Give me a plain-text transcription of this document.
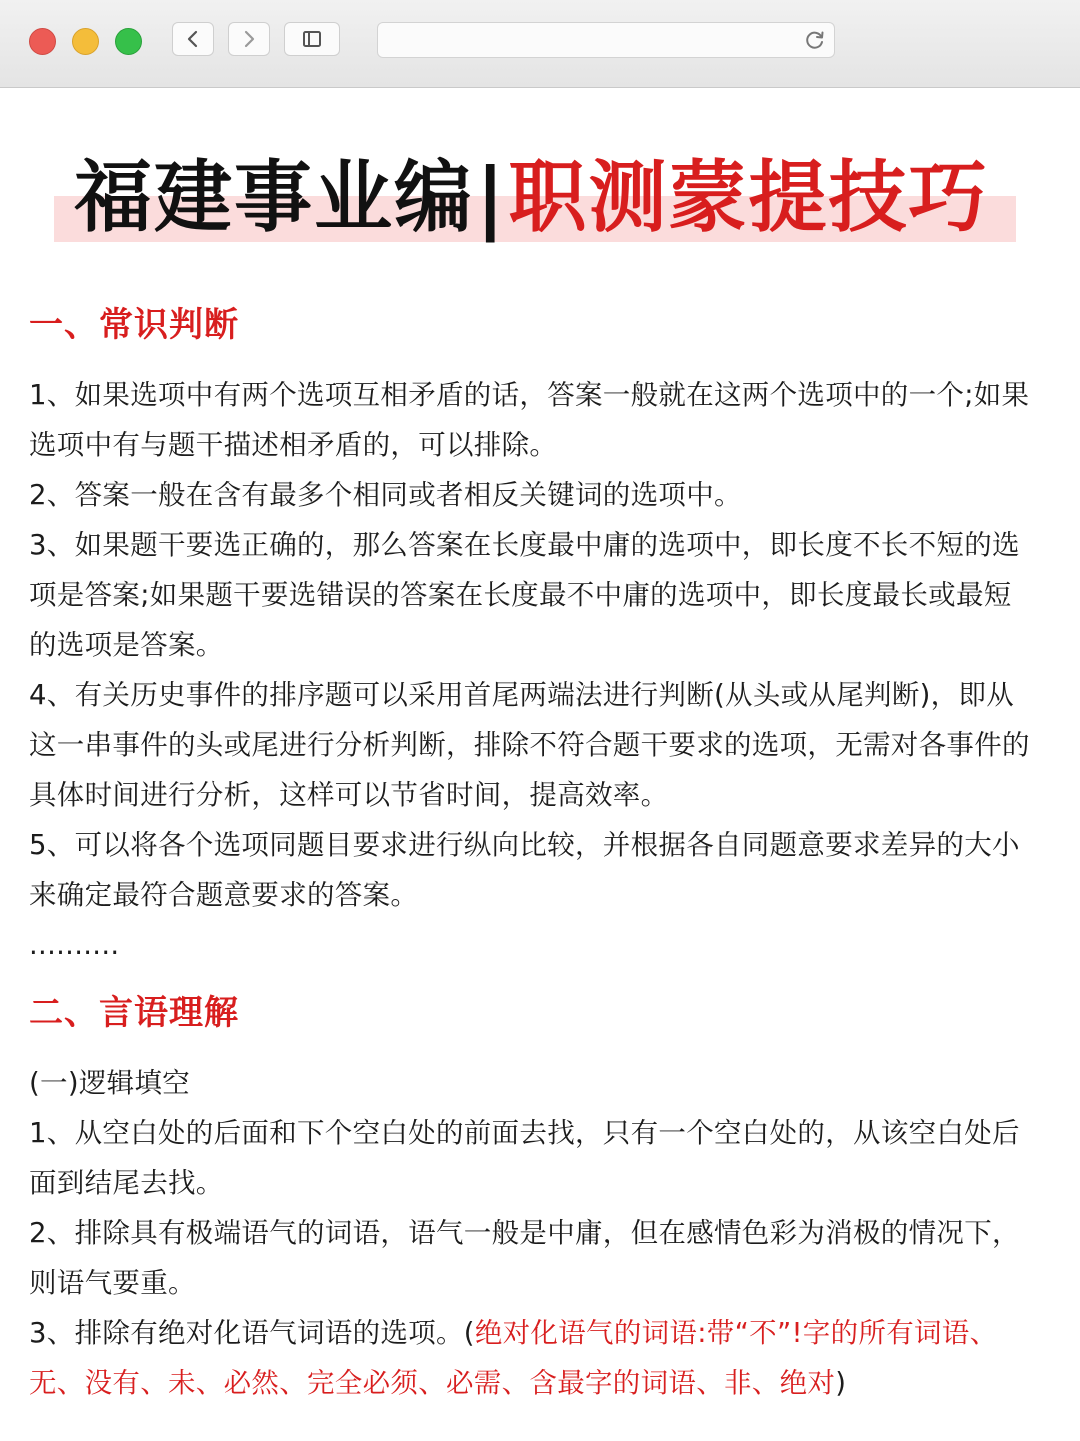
福建事业编|职测蒙提技巧
一、常识判断

1、如果选项中有两个选项互相矛盾的话，答案一般就在这两个选项中的一个;如果选项中有与题干描述相矛盾的，可以排除。

2、答案一般在含有最多个相同或者相反关键词的选项中。

3、如果题干要选正确的，那么答案在长度最中庸的选项中，即长度不长不短的选项是答案;如果题干要选错误的答案在长度最不中庸的选项中，即长度最长或最短的选项是答案。

4、有关历史事件的排序题可以采用首尾两端法进行判断(从头或从尾判断)，即从这一串事件的头或尾进行分析判断，排除不符合题干要求的选项，无需对各事件的具体时间进行分析，这样可以节省时间，提高效率。

5、可以将各个选项同题目要求进行纵向比较，并根据各自同题意要求差异的大小来确定最符合题意要求的答案。

..........

二、言语理解

(一)逻辑填空

1、从空白处的后面和下个空白处的前面去找，只有一个空白处的，从该空白处后面到结尾去找。

2、排除具有极端语气的词语，语气一般是中庸，但在感情色彩为消极的情况下，则语气要重。

3、排除有绝对化语气词语的选项。(绝对化语气的词语:带“不”!字的所有词语、无、没有、未、必然、完全必须、必需、含最字的词语、非、绝对)
